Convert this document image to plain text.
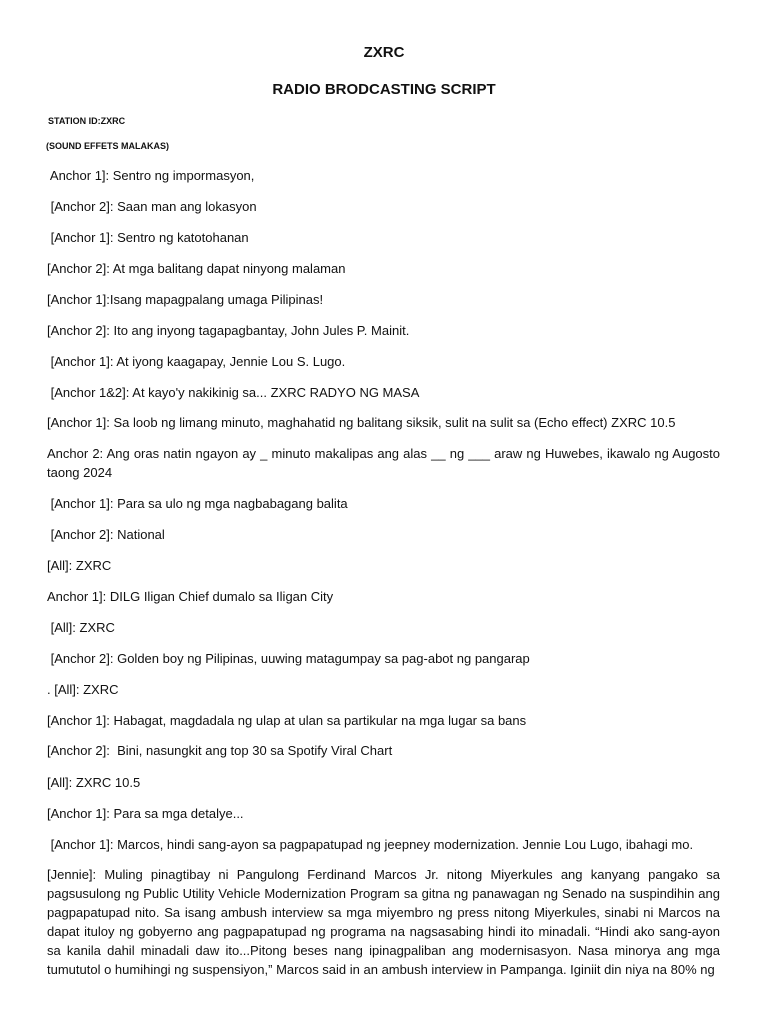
ZXRC
RADIO BRODCASTING SCRIPT

STATION ID:ZXRC

(SOUND EFFETS MALAKAS)

Anchor 1]: Sentro ng impormasyon,

[Anchor 2]: Saan man ang lokasyon

[Anchor 1]: Sentro ng katotohanan

[Anchor 2]: At mga balitang dapat ninyong malaman

[Anchor 1]:Isang mapagpalang umaga Pilipinas!

[Anchor 2]: Ito ang inyong tagapagbantay, John Jules P. Mainit.

[Anchor 1]: At iyong kaagapay, Jennie Lou S. Lugo.

[Anchor 1&2]: At kayo'y nakikinig sa... ZXRC RADYO NG MASA

[Anchor 1]: Sa loob ng limang minuto, maghahatid ng balitang siksik, sulit na sulit sa (Echo effect) ZXRC 10.5

Anchor 2: Ang oras natin ngayon ay _ minuto makalipas ang alas __ ng ___ araw ng Huwebes, ikawalo ng Augosto taong 2024

[Anchor 1]: Para sa ulo ng mga nagbabagang balita

[Anchor 2]: National

[All]: ZXRC

Anchor 1]: DILG Iligan Chief dumalo sa Iligan City

[All]: ZXRC

[Anchor 2]: Golden boy ng Pilipinas, uuwing matagumpay sa pag-abot ng pangarap

. [All]: ZXRC

[Anchor 1]: Habagat, magdadala ng ulap at ulan sa partikular na mga lugar sa bans

[Anchor 2]:  Bini, nasungkit ang top 30 sa Spotify Viral Chart

[All]: ZXRC 10.5

[Anchor 1]: Para sa mga detalye...

[Anchor 1]: Marcos, hindi sang-ayon sa pagpapatupad ng jeepney modernization. Jennie Lou Lugo, ibahagi mo.

[Jennie]: Muling pinagtibay ni Pangulong Ferdinand Marcos Jr. nitong Miyerkules ang kanyang pangako sa pagsusulong ng Public Utility Vehicle Modernization Program sa gitna ng panawagan ng Senado na suspindihin ang pagpapatupad nito. Sa isang ambush interview sa mga miyembro ng press nitong Miyerkules, sinabi ni Marcos na dapat ituloy ng gobyerno ang pagpapatupad ng programa na nagsasabing hindi ito minadali. “Hindi ako sang-ayon sa kanila dahil minadali daw ito...Pitong beses nang ipinagpaliban ang modernisasyon. Nasa minorya ang mga tumututol o humihingi ng suspensiyon,” Marcos said in an ambush interview in Pampanga. Iginiit din niya na 80% ng
